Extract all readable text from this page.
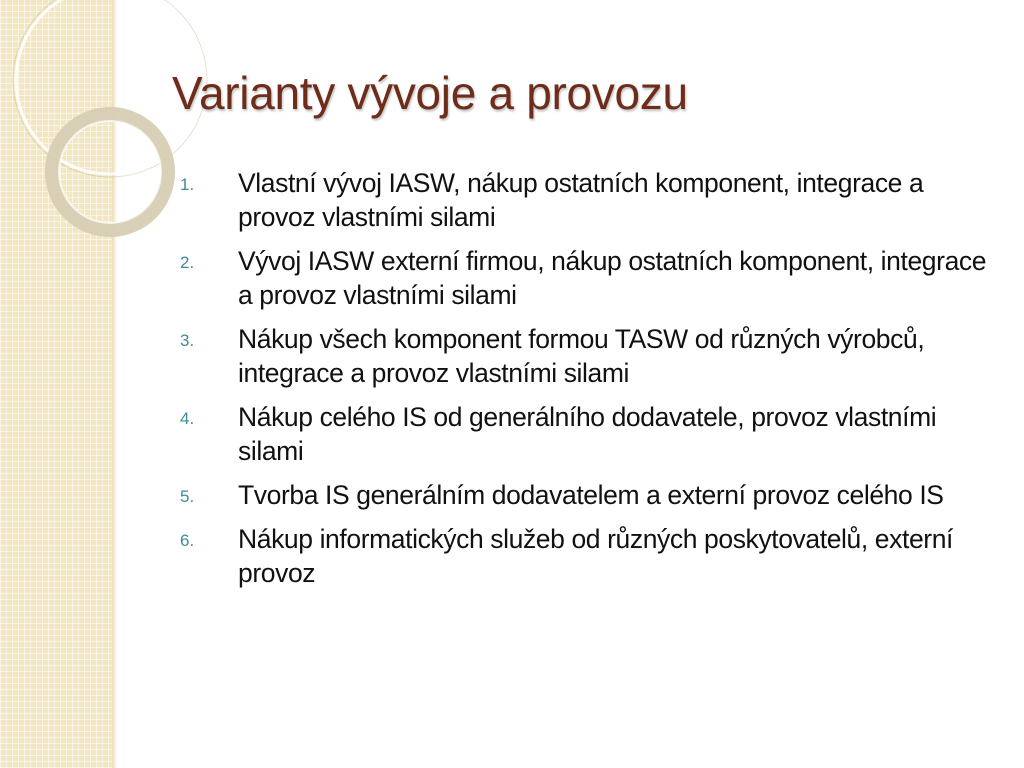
Varianty vývoje a provozu
1.	Vlastní vývoj IASW, nákup ostatních komponent, integrace a provoz vlastními silami
2.	Vývoj IASW externí firmou, nákup ostatních komponent, integrace a provoz vlastními silami
3.	Nákup všech komponent formou TASW od různých výrobců, integrace a provoz vlastními silami
4.	Nákup celého IS od generálního dodavatele, provoz vlastními silami
5.	Tvorba IS generálním dodavatelem a externí provoz celého IS
6.	Nákup informatických služeb od různých poskytovatelů, externí provoz
